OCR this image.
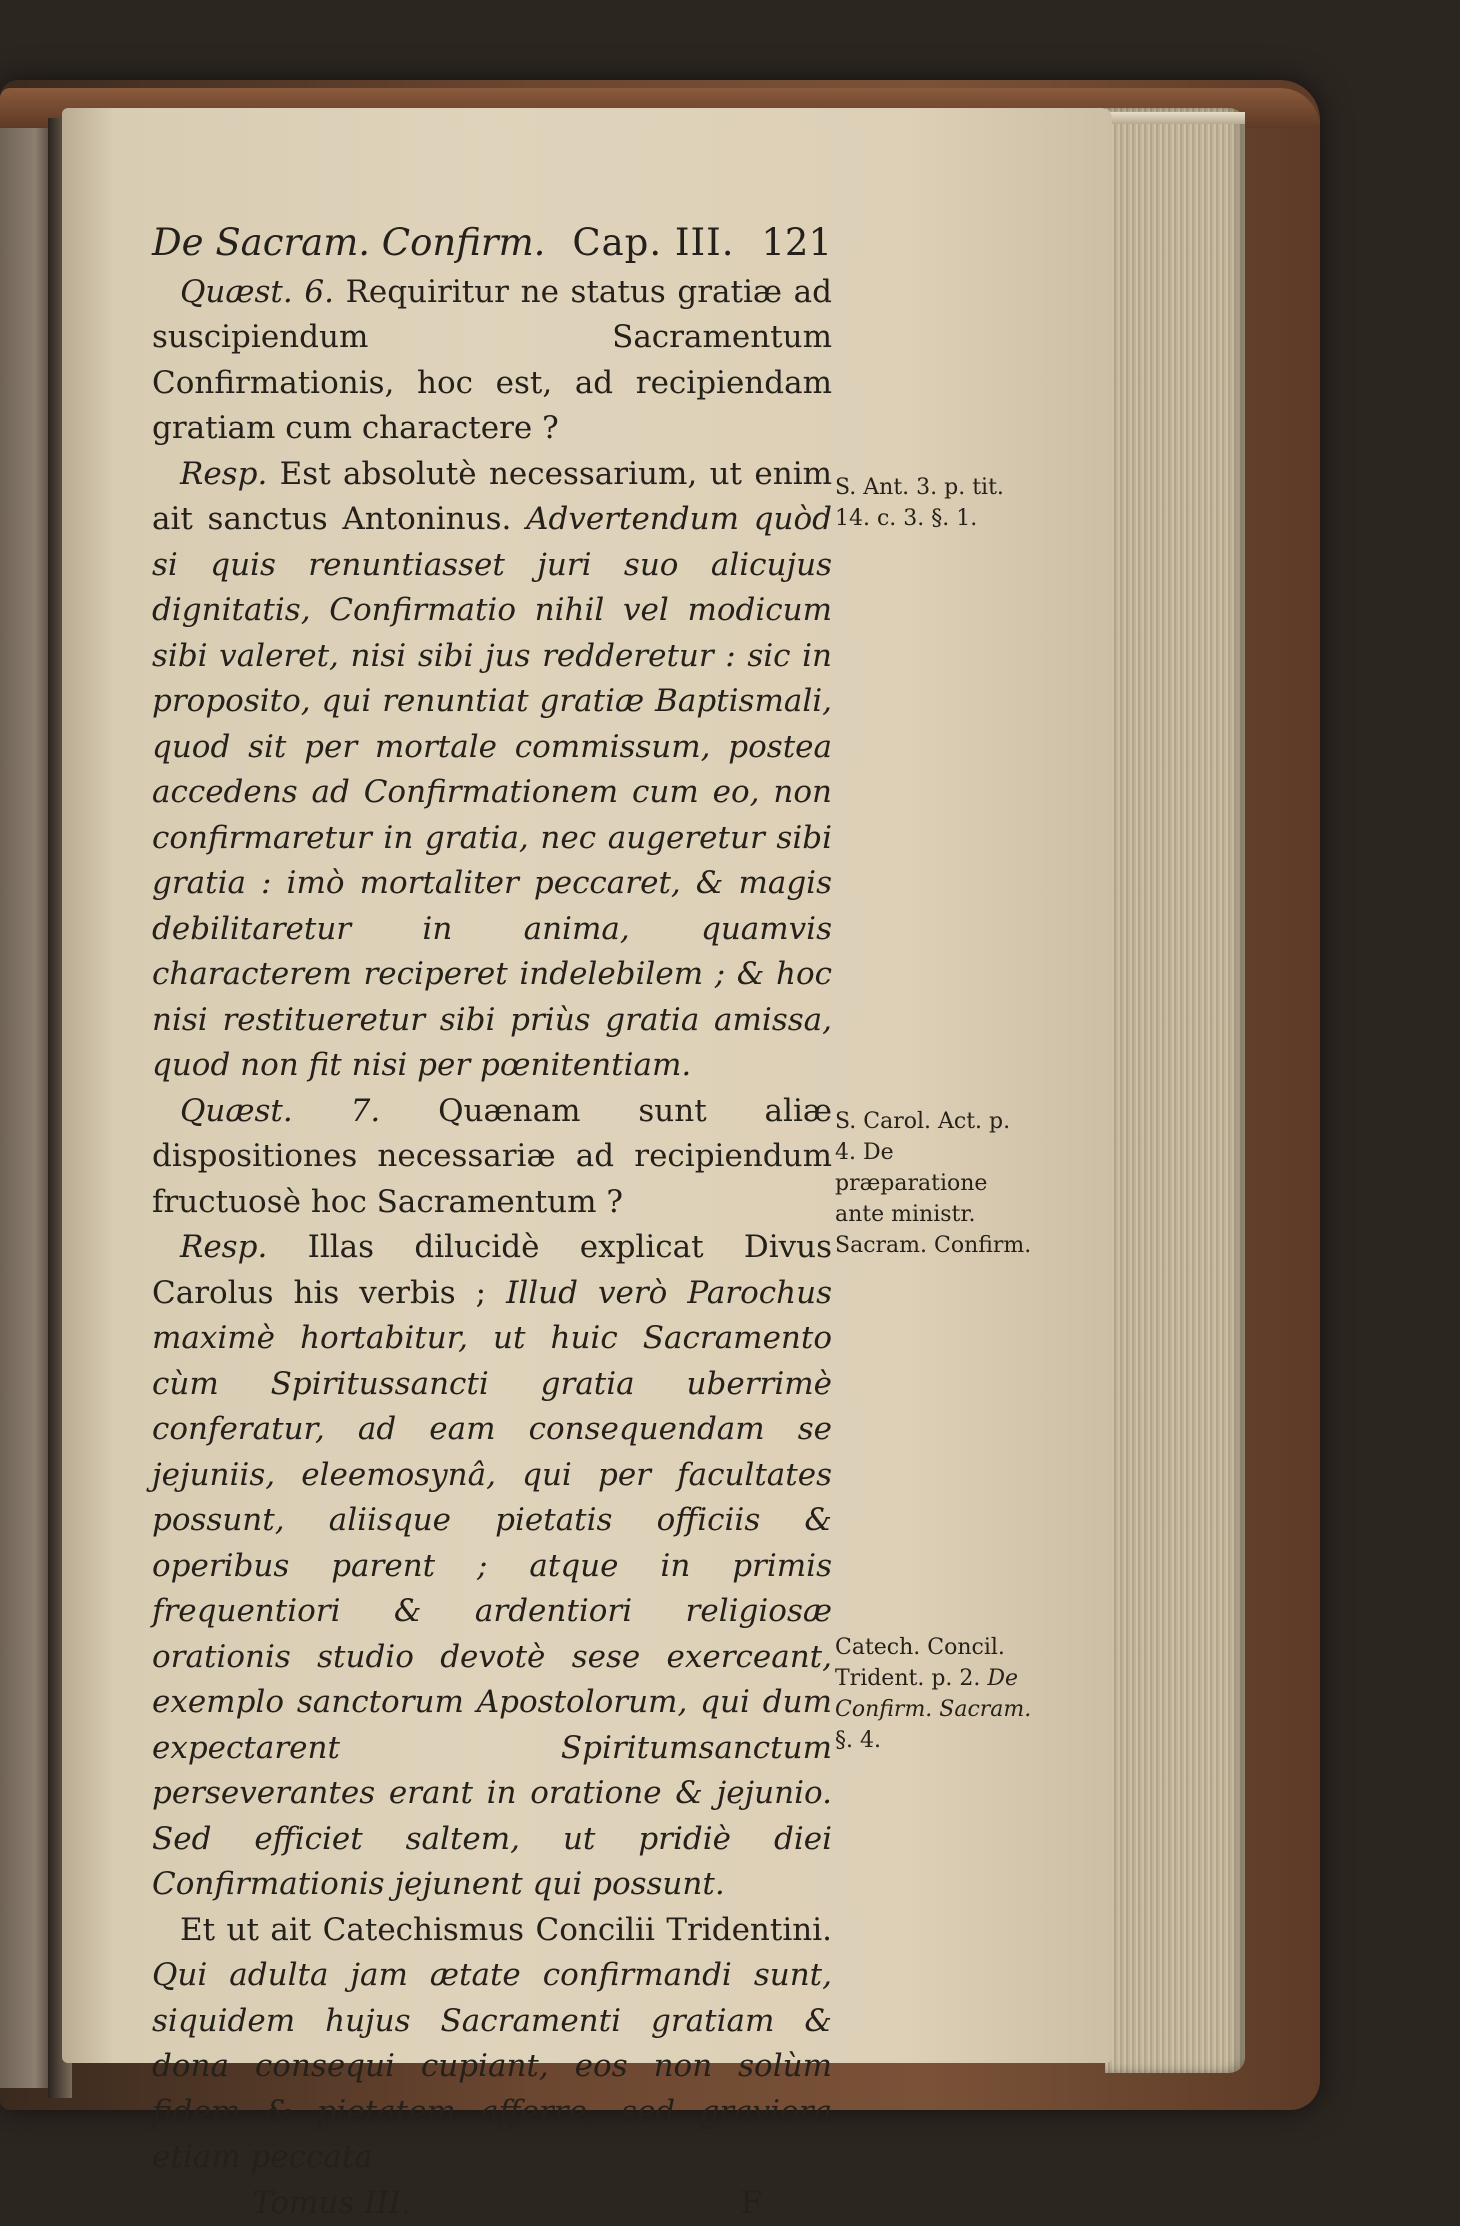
De Sacram. Confirm. Cap. III. 121

Quæst. 6. Requiritur ne status gratiæ ad suscipiendum Sacramentum Confirmationis, hoc est, ad recipiendam gratiam cum charactere ?

Resp. Est absolutè necessarium, ut enim ait sanctus Antoninus. Advertendum quòd si quis renuntiasset juri suo alicujus dignitatis, Confirmatio nihil vel modicum sibi valeret, nisi sibi jus redderetur : sic in proposito, qui renuntiat gratiæ Baptismali, quod sit per mortale commissum, postea accedens ad Confirmationem cum eo, non confirmaretur in gratia, nec augeretur sibi gratia : imò mortaliter peccaret, & magis debilitaretur in anima, quamvis characterem reciperet indelebilem ; & hoc nisi restitueretur sibi priùs gratia amissa, quod non fit nisi per pœnitentiam.

Quæst. 7. Quænam sunt aliæ dispositiones necessariæ ad recipiendum fructuosè hoc Sacramentum ?

Resp. Illas dilucidè explicat Divus Carolus his verbis ; Illud verò Parochus maximè hortabitur, ut huic Sacramento cùm Spiritussancti gratia uberrimè conferatur, ad eam consequendam se jejuniis, eleemosynâ, qui per facultates possunt, aliisque pietatis officiis & operibus parent ; atque in primis frequentiori & ardentiori religiosæ orationis studio devotè sese exerceant, exemplo sanctorum Apostolorum, qui dum expectarent Spiritumsanctum perseverantes erant in oratione & jejunio. Sed efficiet saltem, ut pridiè diei Confirmationis jejunent qui possunt.

Et ut ait Catechismus Concilii Tridentini. Qui adulta jam ætate confirmandi sunt, siquidem hujus Sacramenti gratiam & dona consequi cupiant, eos non solùm fidem & pietatem afferre, sed graviora etiam peccata

Tomus III.	F
S. Ant. 3. p. tit. 14. c. 3. §. 1.
S. Carol. Act. p. 4. De præparatione ante ministr. Sacram. Confirm.
Catech. Concil. Trident. p. 2. De Confirm. Sacram. §. 4.
